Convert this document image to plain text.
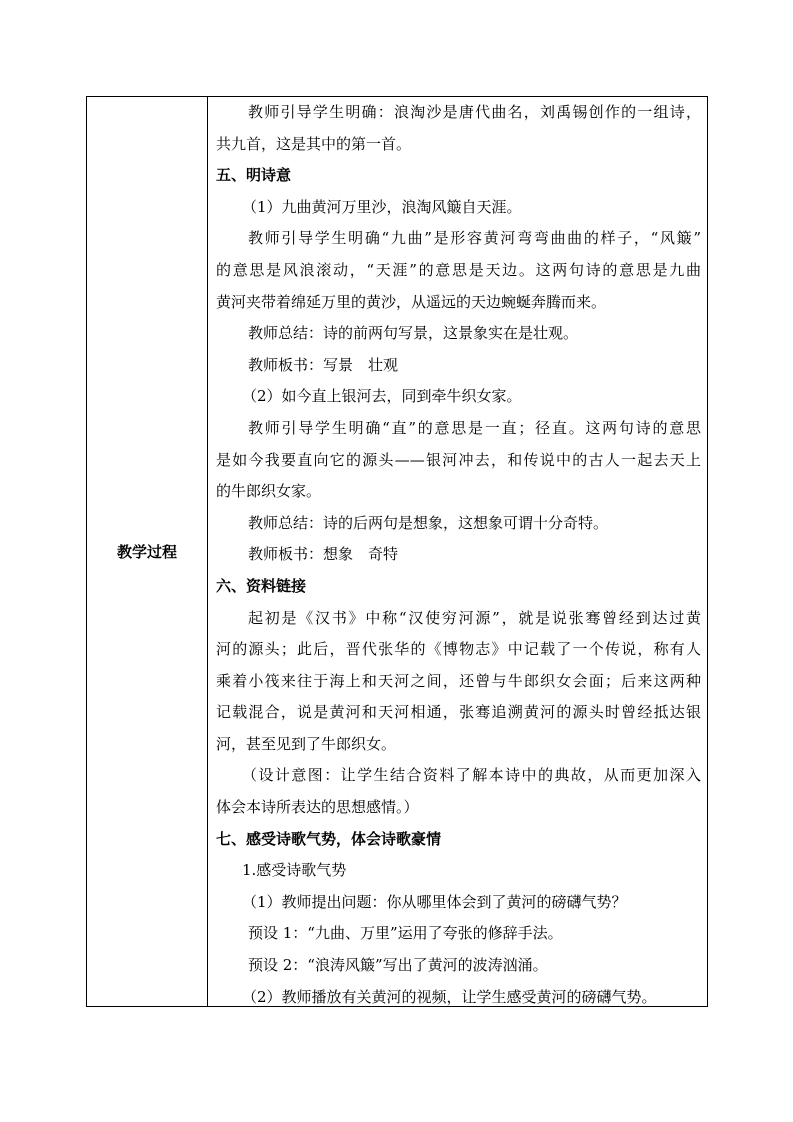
教学过程
教师引导学生明确：浪淘沙是唐代曲名，刘禹锡创作的一组诗，
共九首，这是其中的第一首。
五、明诗意
（1）九曲黄河万里沙，浪淘风簸自天涯。
教师引导学生明确“九曲”是形容黄河弯弯曲曲的样子，“风簸”
的意思是风浪滚动，“天涯”的意思是天边。这两句诗的意思是九曲
黄河夹带着绵延万里的黄沙，从遥远的天边蜿蜒奔腾而来。
教师总结：诗的前两句写景，这景象实在是壮观。
教师板书：写景　壮观
（2）如今直上银河去，同到牵牛织女家。
教师引导学生明确“直”的意思是一直；径直。这两句诗的意思
是如今我要直向它的源头——银河冲去，和传说中的古人一起去天上
的牛郎织女家。
教师总结：诗的后两句是想象，这想象可谓十分奇特。
教师板书：想象　奇特
六、资料链接
起初是《汉书》中称“汉使穷河源”，就是说张骞曾经到达过黄
河的源头；此后，晋代张华的《博物志》中记载了一个传说，称有人
乘着小筏来往于海上和天河之间，还曾与牛郎织女会面；后来这两种
记载混合，说是黄河和天河相通，张骞追溯黄河的源头时曾经抵达银
河，甚至见到了牛郎织女。
（设计意图：让学生结合资料了解本诗中的典故，从而更加深入
体会本诗所表达的思想感情。）
七、感受诗歌气势，体会诗歌豪情
1.感受诗歌气势
（1）教师提出问题：你从哪里体会到了黄河的磅礴气势？
预设 1：“九曲、万里”运用了夸张的修辞手法。
预设 2：“浪涛风簸”写出了黄河的波涛汹涌。
（2）教师播放有关黄河的视频，让学生感受黄河的磅礴气势。
